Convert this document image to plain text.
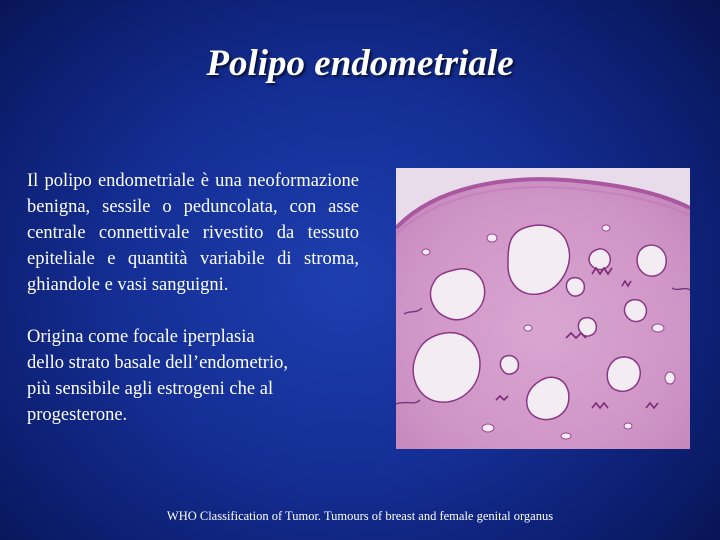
Polipo endometriale

Il polipo endometriale è una neoformazione benigna, sessile o peduncolata, con asse centrale connettivale rivestito da tessuto epiteliale e quantità variabile di stroma, ghiandole e vasi sanguigni.

Origina come focale iperplasia
dello strato basale dell’endometrio,
più sensibile agli estrogeni che al
progesterone.

WHO Classification of Tumor. Tumours of breast and female genital organus
